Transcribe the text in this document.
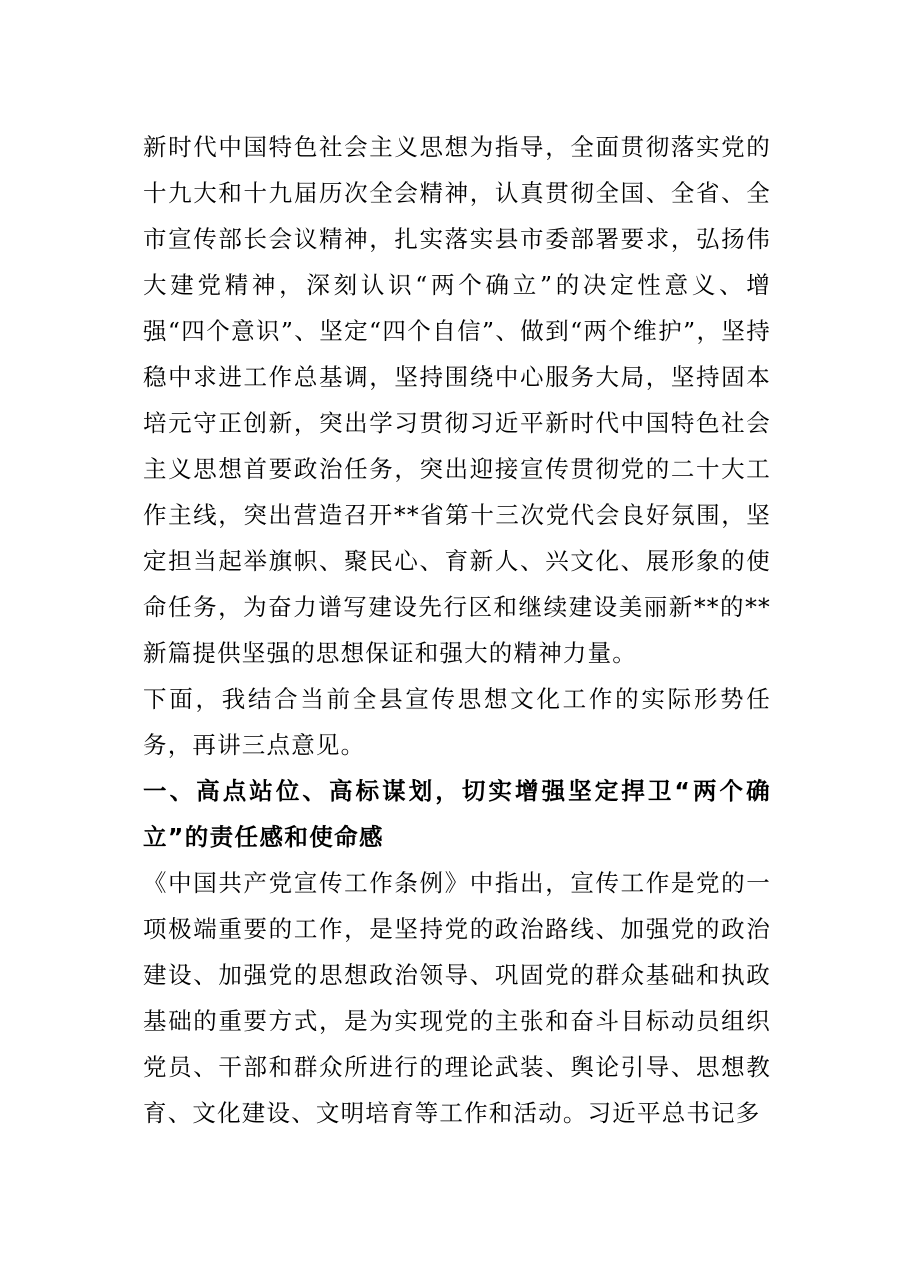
新时代中国特色社会主义思想为指导，全面贯彻落实党的十九大和十九届历次全会精神，认真贯彻全国、全省、全市宣传部长会议精神，扎实落实县市委部署要求，弘扬伟大建党精神，深刻认识“两个确立”的决定性意义、增强“四个意识”、坚定“四个自信”、做到“两个维护”，坚持稳中求进工作总基调，坚持围绕中心服务大局，坚持固本培元守正创新，突出学习贯彻习近平新时代中国特色社会主义思想首要政治任务，突出迎接宣传贯彻党的二十大工作主线，突出营造召开**省第十三次党代会良好氛围，坚定担当起举旗帜、聚民心、育新人、兴文化、展形象的使命任务，为奋力谱写建设先行区和继续建设美丽新**的**新篇提供坚强的思想保证和强大的精神力量。

下面，我结合当前全县宣传思想文化工作的实际形势任务，再讲三点意见。

一、高点站位、高标谋划，切实增强坚定捍卫“两个确立”的责任感和使命感

《中国共产党宣传工作条例》中指出，宣传工作是党的一项极端重要的工作，是坚持党的政治路线、加强党的政治建设、加强党的思想政治领导、巩固党的群众基础和执政基础的重要方式，是为实现党的主张和奋斗目标动员组织党员、干部和群众所进行的理论武装、舆论引导、思想教育、文化建设、文明培育等工作和活动。习近平总书记多
